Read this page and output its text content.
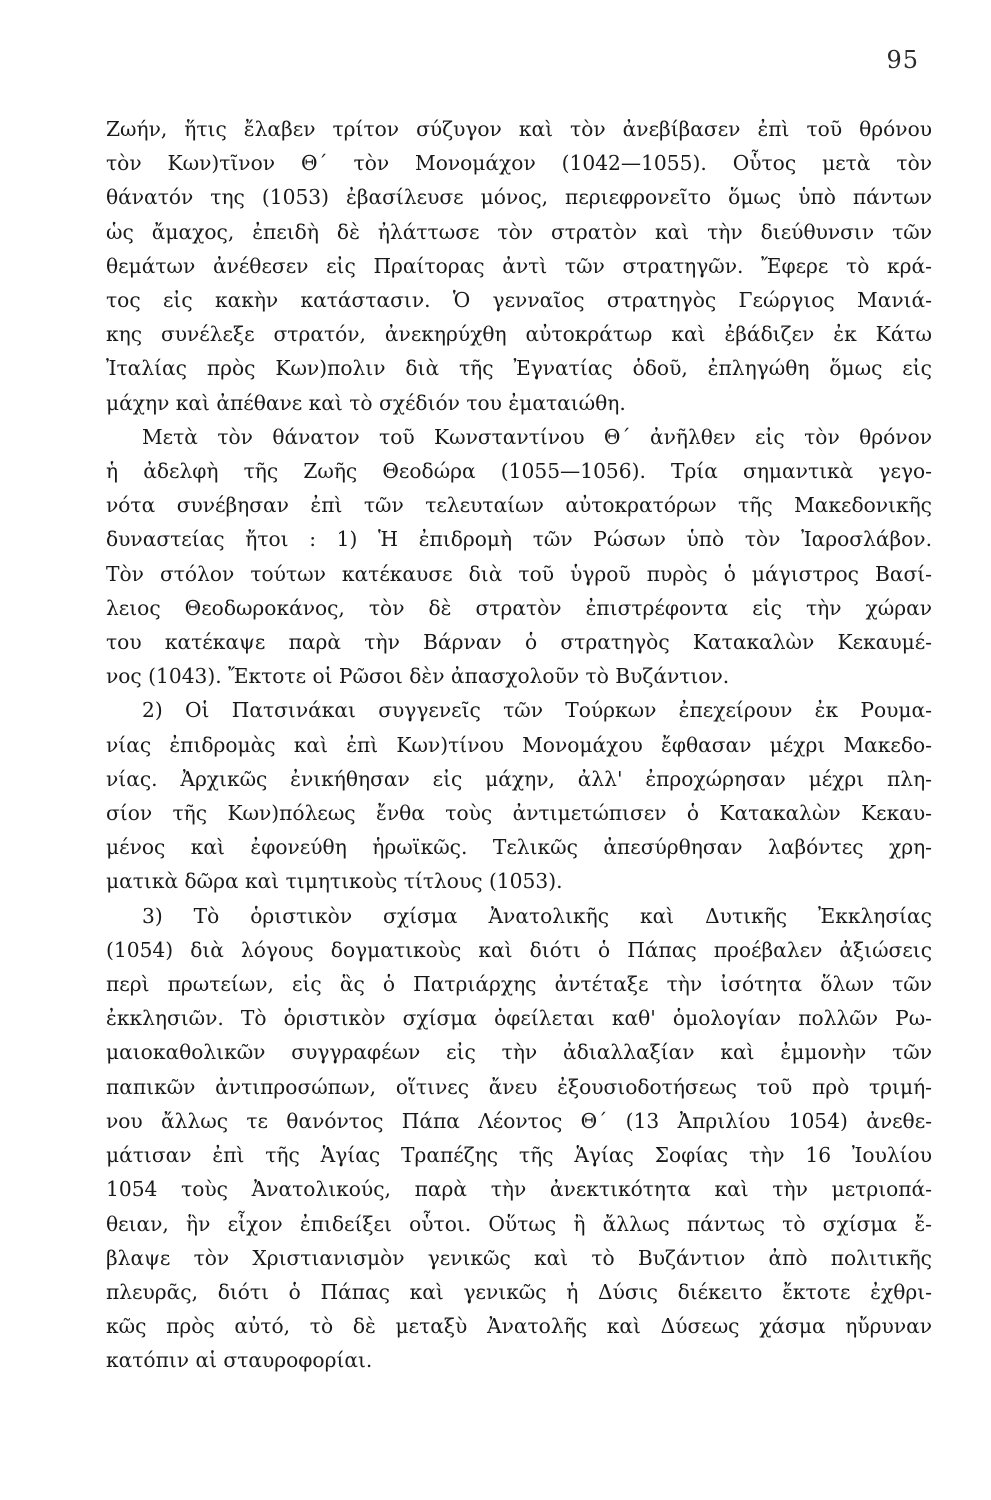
95
Ζωήν, ἥτις ἔλαβεν τρίτον σύζυγον καὶ τὸν ἀνεβίβασεν ἐπὶ τοῦ θρόνου
τὸν Κων)τῖνον Θ΄ τὸν Μονομάχον (1042—1055). Οὗτος μετὰ τὸν
θάνατόν της (1053) ἐβασίλευσε μόνος, περιεφρονεῖτο ὅμως ὑπὸ πάντων
ὡς ἄμαχος, ἐπειδὴ δὲ ἠλάττωσε τὸν στρατὸν καὶ τὴν διεύθυνσιν τῶν
θεμάτων ἀνέθεσεν εἰς Πραίτορας ἀντὶ τῶν στρατηγῶν. Ἔφερε τὸ κρά-
τος εἰς κακὴν κατάστασιν. Ὁ γενναῖος στρατηγὸς Γεώργιος Μανιά-
κης συνέλεξε στρατόν, ἀνεκηρύχθη αὐτοκράτωρ καὶ ἐβάδιζεν ἐκ Κάτω
Ἰταλίας πρὸς Κων)πολιν διὰ τῆς Ἐγνατίας ὁδοῦ, ἐπληγώθη ὅμως εἰς
μάχην καὶ ἀπέθανε καὶ τὸ σχέδιόν του ἐματαιώθη.
Μετὰ τὸν θάνατον τοῦ Κωνσταντίνου Θ΄ ἀνῆλθεν εἰς τὸν θρόνον
ἡ ἀδελφὴ τῆς Ζωῆς Θεοδώρα (1055—1056). Τρία σημαντικὰ γεγο-
νότα συνέβησαν ἐπὶ τῶν τελευταίων αὐτοκρατόρων τῆς Μακεδονικῆς
δυναστείας ἤτοι : 1) Ἡ ἐπιδρομὴ τῶν Ρώσων ὑπὸ τὸν Ἰαροσλάβον.
Τὸν στόλον τούτων κατέκαυσε διὰ τοῦ ὑγροῦ πυρὸς ὁ μάγιστρος Βασί-
λειος Θεοδωροκάνος, τὸν δὲ στρατὸν ἐπιστρέφοντα εἰς τὴν χώραν
του κατέκαψε παρὰ τὴν Βάρναν ὁ στρατηγὸς Κατακαλὼν Κεκαυμέ-
νος (1043). Ἔκτοτε οἱ Ρῶσοι δὲν ἀπασχολοῦν τὸ Βυζάντιον.
2) Οἱ Πατσινάκαι συγγενεῖς τῶν Τούρκων ἐπεχείρουν ἐκ Ρουμα-
νίας ἐπιδρομὰς καὶ ἐπὶ Κων)τίνου Μονομάχου ἔφθασαν μέχρι Μακεδο-
νίας. Ἀρχικῶς ἐνικήθησαν εἰς μάχην, ἀλλ' ἐπροχώρησαν μέχρι πλη-
σίον τῆς Κων)πόλεως ἔνθα τοὺς ἀντιμετώπισεν ὁ Κατακαλὼν Κεκαυ-
μένος καὶ ἐφονεύθη ἡρωϊκῶς. Τελικῶς ἀπεσύρθησαν λαβόντες χρη-
ματικὰ δῶρα καὶ τιμητικοὺς τίτλους (1053).
3) Τὸ ὁριστικὸν σχίσμα Ἀνατολικῆς καὶ Δυτικῆς Ἐκκλησίας
(1054) διὰ λόγους δογματικοὺς καὶ διότι ὁ Πάπας προέβαλεν ἀξιώσεις
περὶ πρωτείων, εἰς ἃς ὁ Πατριάρχης ἀντέταξε τὴν ἰσότητα ὅλων τῶν
ἐκκλησιῶν. Τὸ ὁριστικὸν σχίσμα ὀφείλεται καθ' ὁμολογίαν πολλῶν Ρω-
μαιοκαθολικῶν συγγραφέων εἰς τὴν ἀδιαλλαξίαν καὶ ἐμμονὴν τῶν
παπικῶν ἀντιπροσώπων, οἵτινες ἄνευ ἐξουσιοδοτήσεως τοῦ πρὸ τριμή-
νου ἄλλως τε θανόντος Πάπα Λέοντος Θ΄ (13 Ἀπριλίου 1054) ἀνεθε-
μάτισαν ἐπὶ τῆς Ἁγίας Τραπέζης τῆς Ἁγίας Σοφίας τὴν 16 Ἰουλίου
1054 τοὺς Ἀνατολικούς, παρὰ τὴν ἀνεκτικότητα καὶ τὴν μετριοπά-
θειαν, ἣν εἶχον ἐπιδείξει οὗτοι. Οὕτως ἢ ἄλλως πάντως τὸ σχίσμα ἔ-
βλαψε τὸν Χριστιανισμὸν γενικῶς καὶ τὸ Βυζάντιον ἀπὸ πολιτικῆς
πλευρᾶς, διότι ὁ Πάπας καὶ γενικῶς ἡ Δύσις διέκειτο ἔκτοτε ἐχθρι-
κῶς πρὸς αὐτό, τὸ δὲ μεταξὺ Ἀνατολῆς καὶ Δύσεως χάσμα ηὔρυναν
κατόπιν αἱ σταυροφορίαι.
